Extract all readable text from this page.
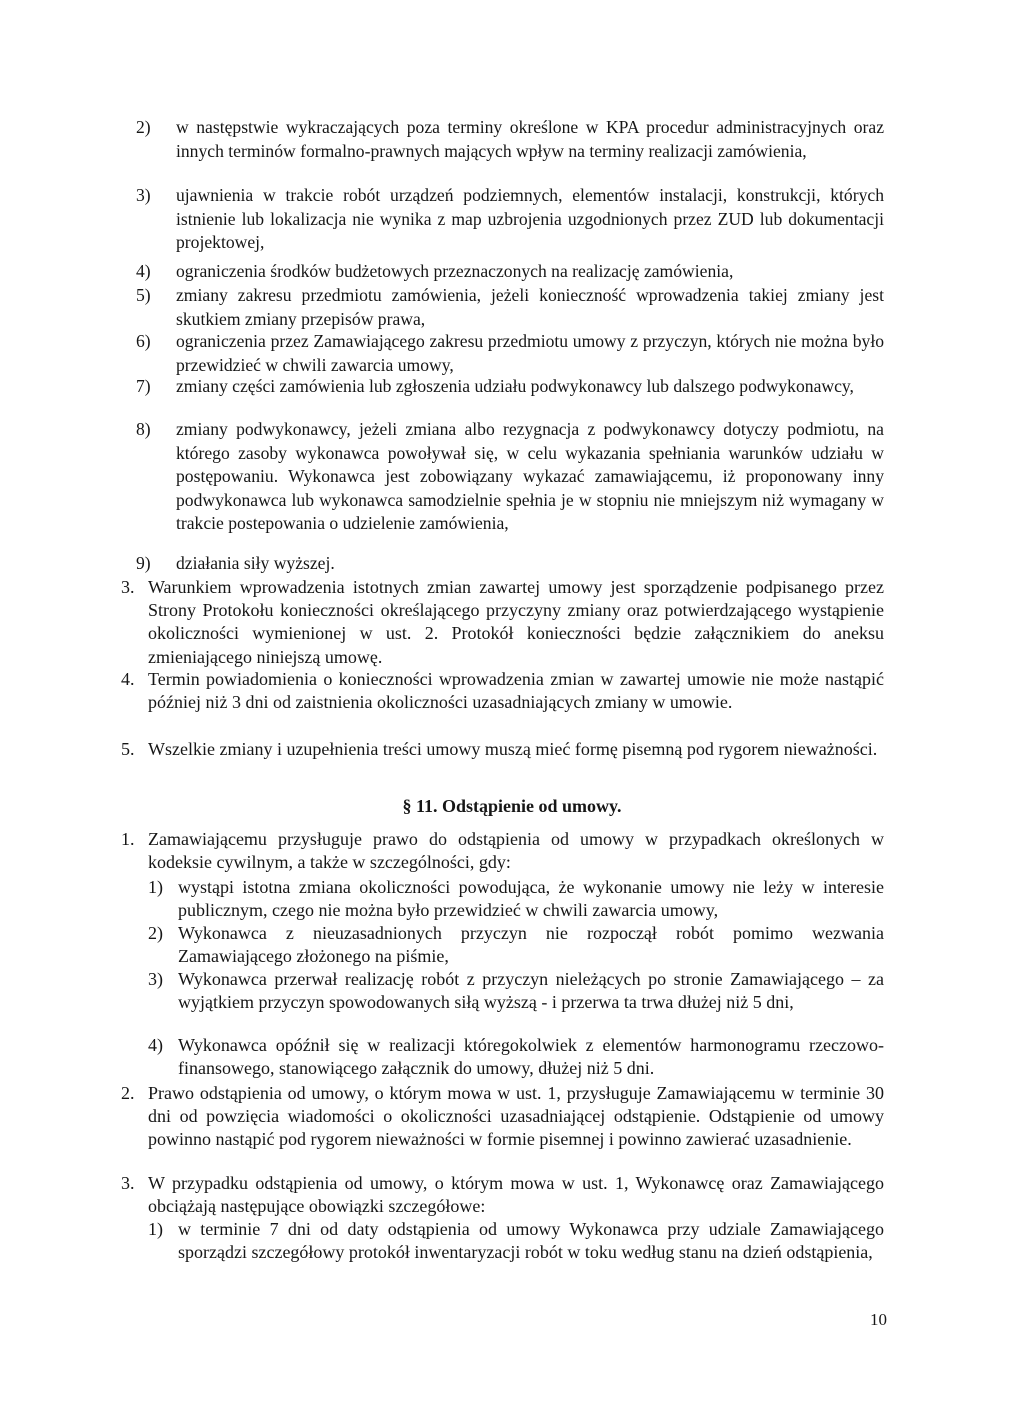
2)	w następstwie wykraczających poza terminy określone w KPA procedur administracyjnych oraz innych terminów formalno-prawnych mających wpływ na terminy realizacji zamówienia,
3)	ujawnienia w trakcie robót urządzeń podziemnych, elementów instalacji, konstrukcji, których istnienie lub lokalizacja nie wynika z map uzbrojenia uzgodnionych przez ZUD lub dokumentacji projektowej,
4)	ograniczenia środków budżetowych przeznaczonych na realizację zamówienia,
5)	zmiany zakresu przedmiotu zamówienia, jeżeli konieczność wprowadzenia takiej zmiany jest skutkiem zmiany przepisów prawa,
6)	ograniczenia przez Zamawiającego zakresu przedmiotu umowy z przyczyn, których nie można było przewidzieć w chwili zawarcia umowy,
7)	zmiany części zamówienia lub zgłoszenia udziału podwykonawcy lub dalszego podwykonawcy,
8)	zmiany podwykonawcy, jeżeli zmiana albo rezygnacja z podwykonawcy dotyczy podmiotu, na którego zasoby wykonawca powoływał się, w celu wykazania spełniania warunków udziału w postępowaniu. Wykonawca jest zobowiązany wykazać zamawiającemu, iż proponowany inny podwykonawca lub wykonawca samodzielnie spełnia je w stopniu nie mniejszym niż wymagany w trakcie postepowania o udzielenie zamówienia,
9)	działania siły wyższej.
3. Warunkiem wprowadzenia istotnych zmian zawartej umowy jest sporządzenie podpisanego przez Strony Protokołu konieczności określającego przyczyny zmiany oraz potwierdzającego wystąpienie okoliczności wymienionej w ust. 2. Protokół konieczności będzie załącznikiem do aneksu zmieniającego niniejszą umowę.
4. Termin powiadomienia o konieczności wprowadzenia zmian w zawartej umowie nie może nastąpić później niż 3 dni od zaistnienia okoliczności uzasadniających zmiany w umowie.
5. Wszelkie zmiany i uzupełnienia treści umowy muszą mieć formę pisemną pod rygorem nieważności.
§ 11. Odstąpienie od umowy.
1. Zamawiającemu przysługuje prawo do odstąpienia od umowy w przypadkach określonych w kodeksie cywilnym, a także w szczególności, gdy:
1) wystąpi istotna zmiana okoliczności powodująca, że wykonanie umowy nie leży w interesie publicznym, czego nie można było przewidzieć w chwili zawarcia umowy,
2) Wykonawca z nieuzasadnionych przyczyn nie rozpoczął robót pomimo wezwania Zamawiającego złożonego na piśmie,
3) Wykonawca przerwał realizację robót z przyczyn nieleżących po stronie Zamawiającego – za wyjątkiem przyczyn spowodowanych siłą wyższą - i przerwa ta trwa dłużej niż 5 dni,
4) Wykonawca opóźnił się w realizacji któregokolwiek z elementów harmonogramu rzeczowo-finansowego, stanowiącego załącznik do umowy, dłużej niż 5 dni.
2. Prawo odstąpienia od umowy, o którym mowa w ust. 1, przysługuje Zamawiającemu w terminie 30 dni od powzięcia wiadomości o okoliczności uzasadniającej odstąpienie. Odstąpienie od umowy powinno nastąpić pod rygorem nieważności w formie pisemnej i powinno zawierać uzasadnienie.
3. W przypadku odstąpienia od umowy, o którym mowa w ust. 1, Wykonawcę oraz Zamawiającego obciążają następujące obowiązki szczegółowe:
1) w terminie 7 dni od daty odstąpienia od umowy Wykonawca przy udziale Zamawiającego sporządzi szczegółowy protokół inwentaryzacji robót w toku według stanu na dzień odstąpienia,
10
